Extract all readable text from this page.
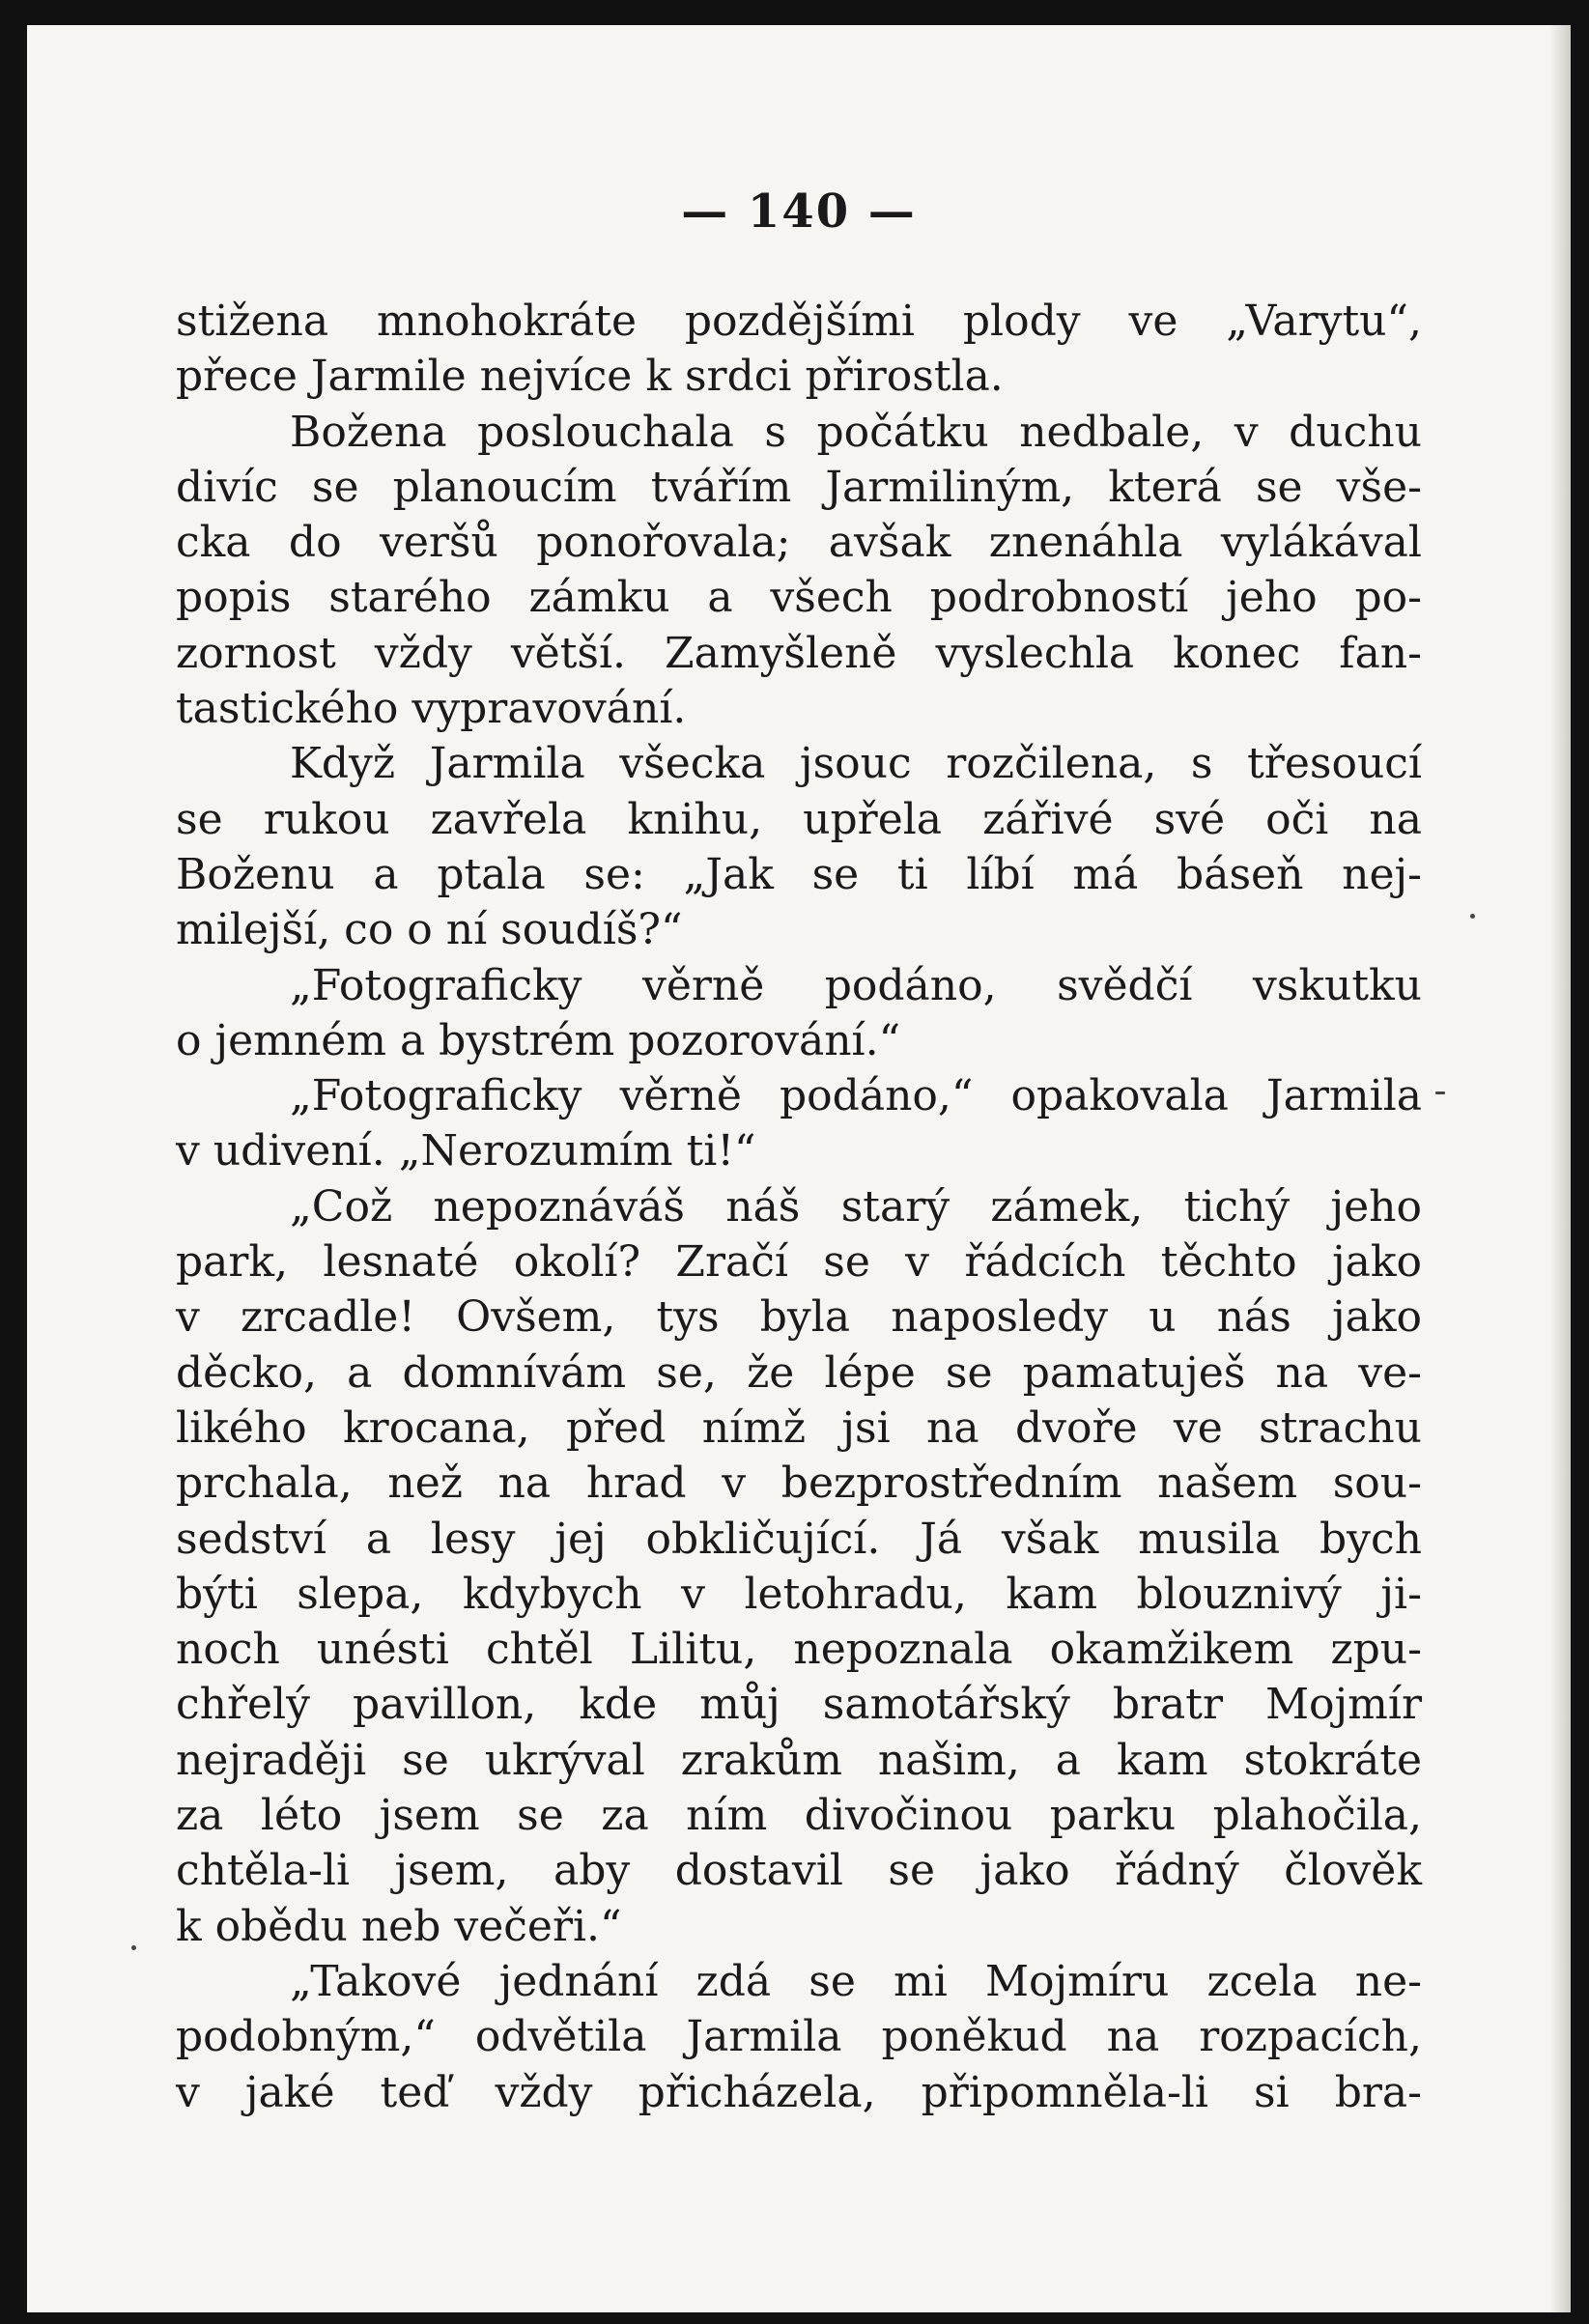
— 140 —
stižena mnohokráte pozdějšími plody ve „Varytu“,
přece Jarmile nejvíce k srdci přirostla.
Božena poslouchala s počátku nedbale, v duchu
divíc se planoucím tvářím Jarmiliným, která se vše-
cka do veršů ponořovala; avšak znenáhla vylákával
popis starého zámku a všech podrobností jeho po-
zornost vždy větší. Zamyšleně vyslechla konec fan-
tastického vypravování.
Když Jarmila všecka jsouc rozčilena, s třesoucí
se rukou zavřela knihu, upřela zářivé své oči na
Boženu a ptala se: „Jak se ti líbí má báseň nej-
milejší, co o ní soudíš?“
„Fotograficky věrně podáno, svědčí vskutku
o jemném a bystrém pozorování.“
„Fotograficky věrně podáno,“ opakovala Jarmila
v udivení. „Nerozumím ti!“
„Což nepoznáváš náš starý zámek, tichý jeho
park, lesnaté okolí? Zračí se v řádcích těchto jako
v zrcadle! Ovšem, tys byla naposledy u nás jako
děcko, a domnívám se, že lépe se pamatuješ na ve-
likého krocana, před nímž jsi na dvoře ve strachu
prchala, než na hrad v bezprostředním našem sou-
sedství a lesy jej obkličující. Já však musila bych
býti slepa, kdybych v letohradu, kam blouznivý ji-
noch unésti chtěl Lilitu, nepoznala okamžikem zpu-
chřelý pavillon, kde můj samotářský bratr Mojmír
nejraději se ukrýval zrakům našim, a kam stokráte
za léto jsem se za ním divočinou parku plahočila,
chtěla-li jsem, aby dostavil se jako řádný člověk
k obědu neb večeři.“
„Takové jednání zdá se mi Mojmíru zcela ne-
podobným,“ odvětila Jarmila poněkud na rozpacích,
v jaké teď vždy přicházela, připomněla-li si bra-
